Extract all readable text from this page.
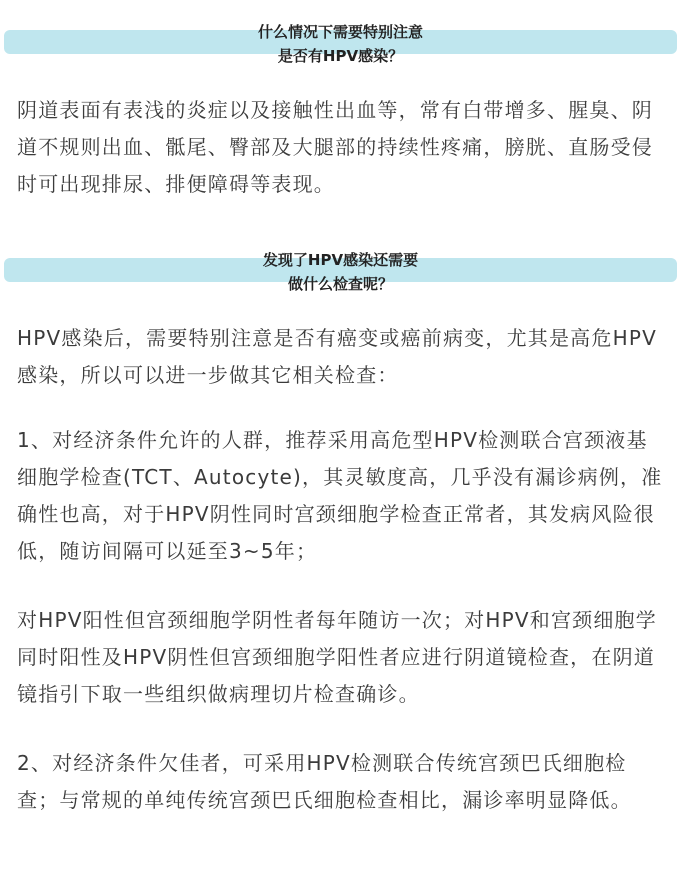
什么情况下需要特别注意
是否有HPV感染？

阴道表面有表浅的炎症以及接触性出血等，常有白带增多、腥臭、阴道不规则出血、骶尾、臀部及大腿部的持续性疼痛，膀胱、直肠受侵时可出现排尿、排便障碍等表现。

发现了HPV感染还需要
做什么检查呢？

HPV感染后，需要特别注意是否有癌变或癌前病变，尤其是高危HPV感染，所以可以进一步做其它相关检查：

1、对经济条件允许的人群，推荐采用高危型HPV检测联合宫颈液基细胞学检查(TCT、Autocyte)，其灵敏度高，几乎没有漏诊病例，准确性也高，对于HPV阴性同时宫颈细胞学检查正常者，其发病风险很低，随访间隔可以延至3~5年；

对HPV阳性但宫颈细胞学阴性者每年随访一次；对HPV和宫颈细胞学同时阳性及HPV阴性但宫颈细胞学阳性者应进行阴道镜检查，在阴道镜指引下取一些组织做病理切片检查确诊。

2、对经济条件欠佳者，可采用HPV检测联合传统宫颈巴氏细胞检查；与常规的单纯传统宫颈巴氏细胞检查相比，漏诊率明显降低。
